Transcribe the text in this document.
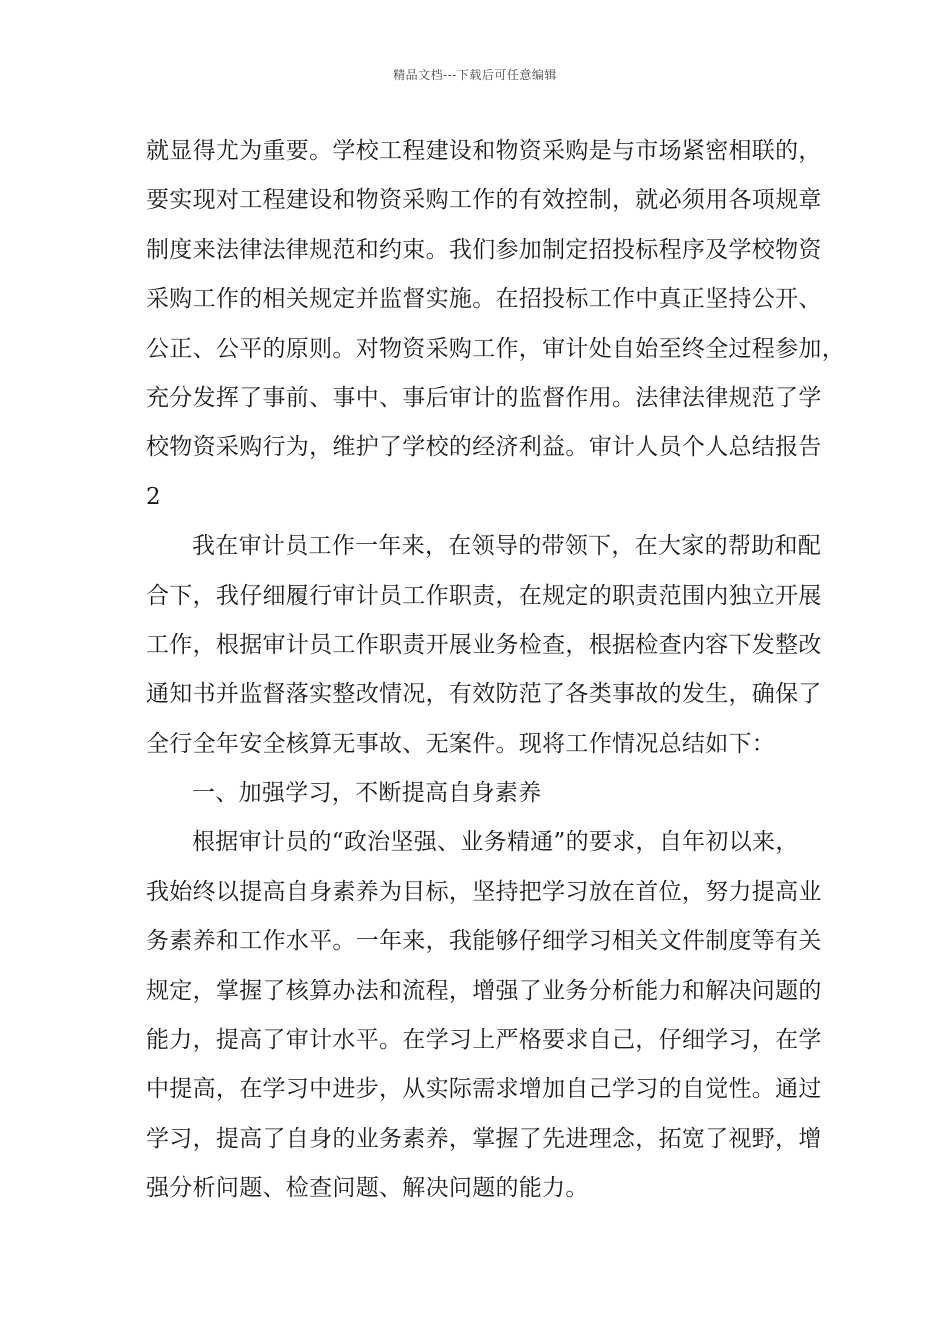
精品文档---下载后可任意编辑
就显得尤为重要。学校工程建设和物资采购是与市场紧密相联的，
要实现对工程建设和物资采购工作的有效控制，就必须用各项规章
制度来法律法律规范和约束。我们参加制定招投标程序及学校物资
采购工作的相关规定并监督实施。在招投标工作中真正坚持公开、
公正、公平的原则。对物资采购工作，审计处自始至终全过程参加，
充分发挥了事前、事中、事后审计的监督作用。法律法律规范了学
校物资采购行为，维护了学校的经济利益。审计人员个人总结报告
2
我在审计员工作一年来，在领导的带领下，在大家的帮助和配
合下，我仔细履行审计员工作职责，在规定的职责范围内独立开展
工作，根据审计员工作职责开展业务检查，根据检查内容下发整改
通知书并监督落实整改情况，有效防范了各类事故的发生，确保了
全行全年安全核算无事故、无案件。现将工作情况总结如下：
一、加强学习，不断提高自身素养
根据审计员的“政治坚强、业务精通”的要求，自年初以来，
我始终以提高自身素养为目标，坚持把学习放在首位，努力提高业
务素养和工作水平。一年来，我能够仔细学习相关文件制度等有关
规定，掌握了核算办法和流程，增强了业务分析能力和解决问题的
能力，提高了审计水平。在学习上严格要求自己，仔细学习，在学
中提高，在学习中进步，从实际需求增加自己学习的自觉性。通过
学习，提高了自身的业务素养，掌握了先进理念，拓宽了视野，增
强分析问题、检查问题、解决问题的能力。
